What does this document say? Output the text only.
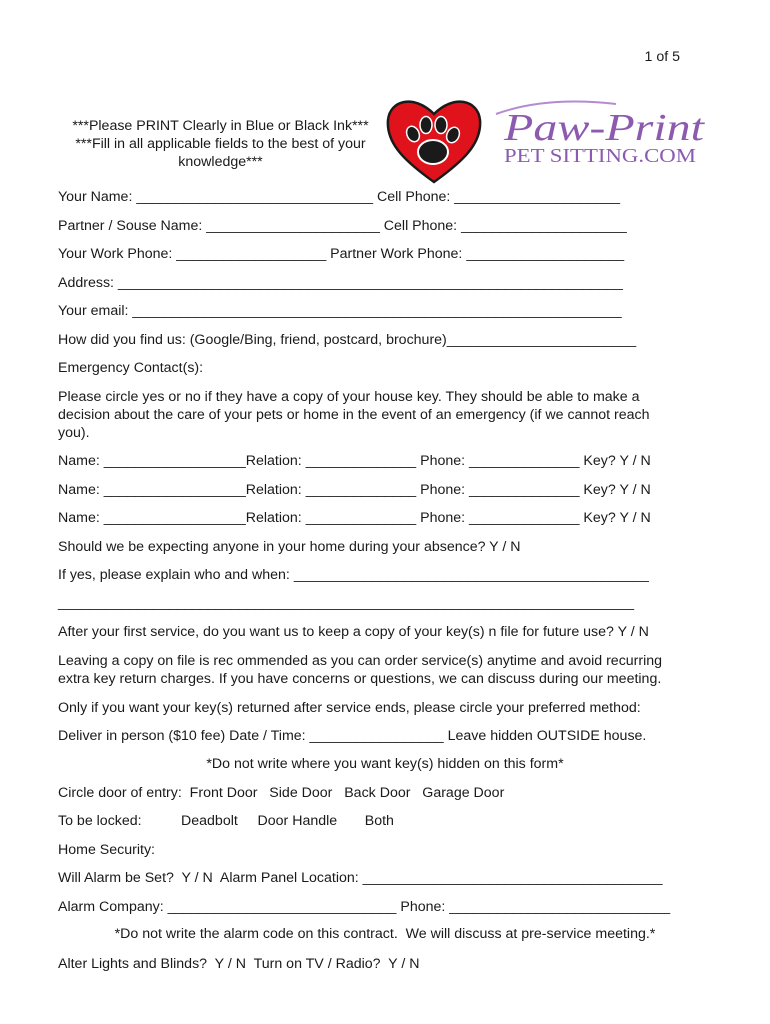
1 of 5
***Please PRINT Clearly in Blue or Black Ink***
***Fill in all applicable fields to the best of your
knowledge***
Paw-Print
PET SITTING.COM
Your Name: ______________________________ Cell Phone: _____________________
Partner / Souse Name: ______________________ Cell Phone: _____________________
Your Work Phone: ___________________ Partner Work Phone: ____________________
Address: ________________________________________________________________
Your email: ______________________________________________________________
How did you find us: (Google/Bing, friend, postcard, brochure)________________________
Emergency Contact(s):
Please circle yes or no if they have a copy of your house key. They should be able to make a
decision about the care of your pets or home in the event of an emergency (if we cannot reach
you).
Name: __________________Relation: ______________ Phone: ______________ Key? Y / N
Name: __________________Relation: ______________ Phone: ______________ Key? Y / N
Name: __________________Relation: ______________ Phone: ______________ Key? Y / N
Should we be expecting anyone in your home during your absence? Y / N
If yes, please explain who and when: _____________________________________________
_________________________________________________________________________
After your first service, do you want us to keep a copy of your key(s) n file for future use? Y / N
Leaving a copy on file is rec ommended as you can order service(s) anytime and avoid recurring
extra key return charges. If you have concerns or questions, we can discuss during our meeting.
Only if you want your key(s) returned after service ends, please circle your preferred method:
Deliver in person ($10 fee) Date / Time: _________________ Leave hidden OUTSIDE house.
*Do not write where you want key(s) hidden on this form*
Circle door of entry:  Front Door   Side Door   Back Door   Garage Door
To be locked:          Deadbolt     Door Handle       Both
Home Security:
Will Alarm be Set?  Y / N  Alarm Panel Location: ______________________________________
Alarm Company: _____________________________ Phone: ____________________________
*Do not write the alarm code on this contract.  We will discuss at pre-service meeting.*
Alter Lights and Blinds?  Y / N  Turn on TV / Radio?  Y / N
